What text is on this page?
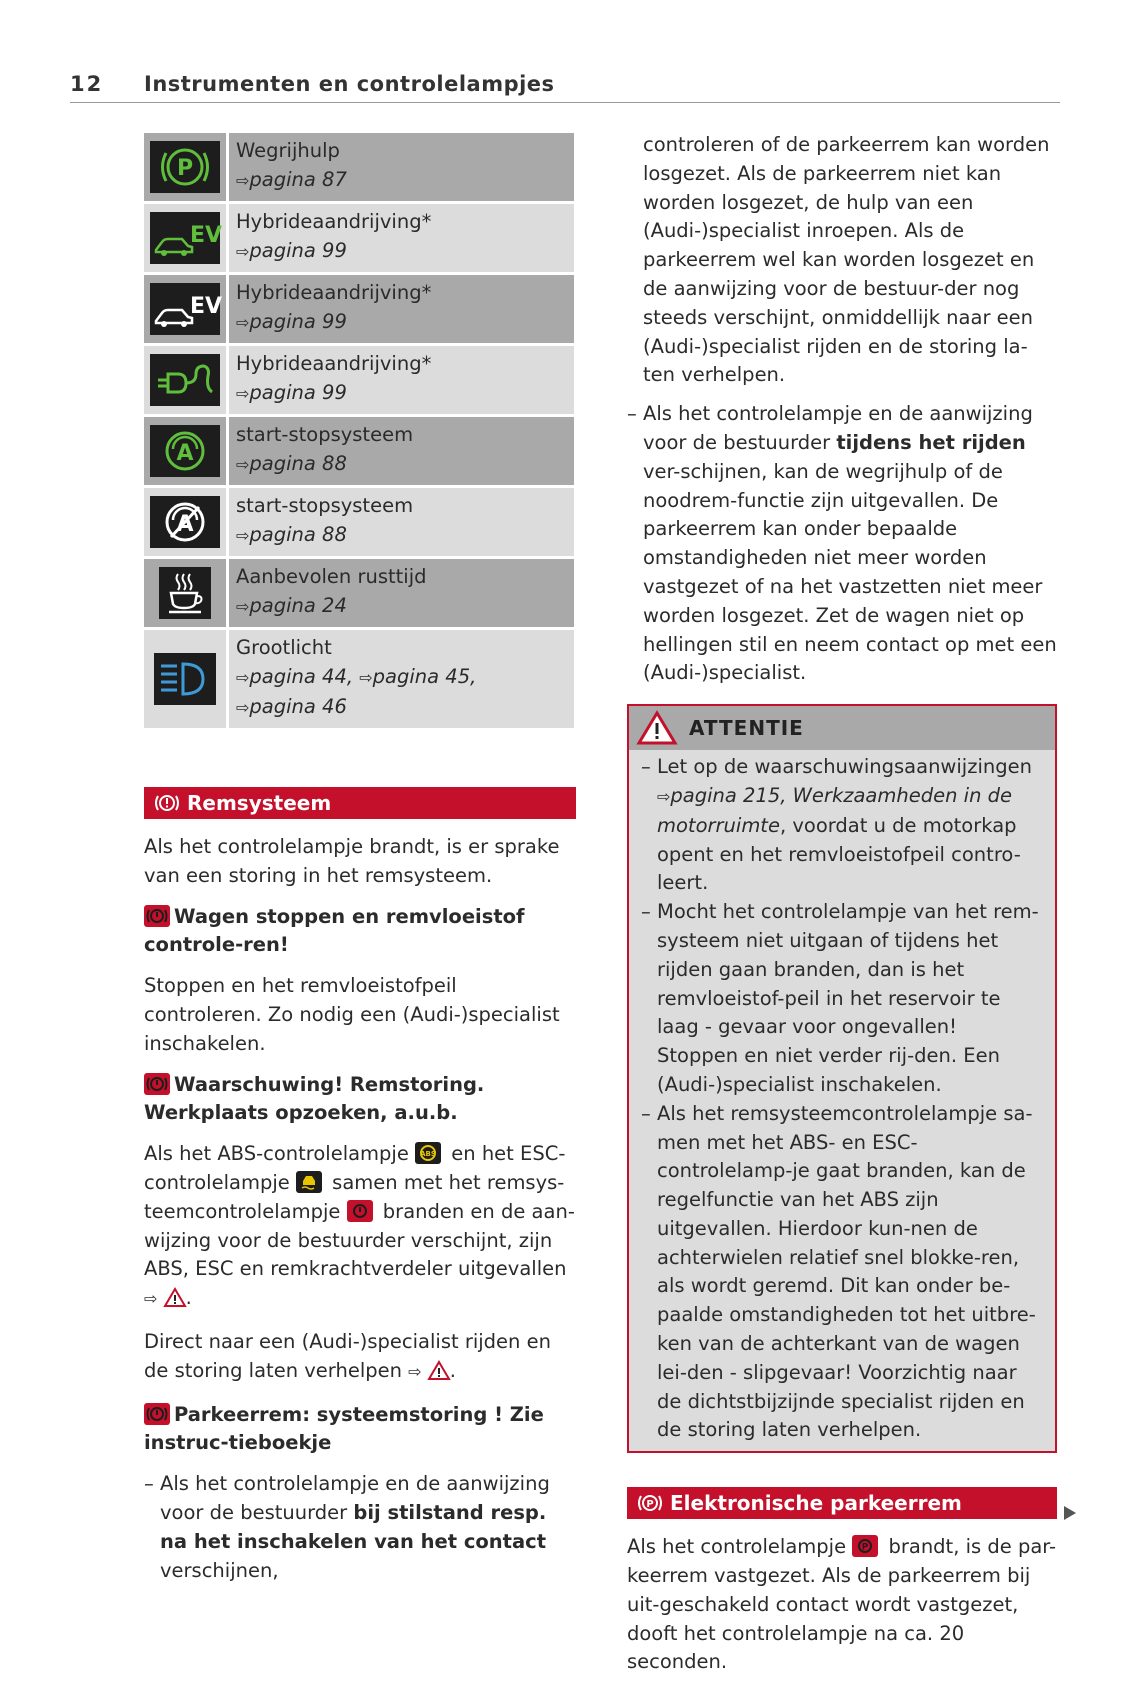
12 Instrumenten en controlelampjes
P
Wegrijhulp
⇨pagina 87
EV
Hybrideaandrijving*
⇨pagina 99
EV
Hybrideaandrijving*
⇨pagina 99
Hybrideaandrijving*
⇨pagina 99
A
start-stopsysteem
⇨pagina 88
A
start-stopsysteem
⇨pagina 88
Aanbevolen rusttijd
⇨pagina 24
Grootlicht
⇨pagina 44, ⇨pagina 45,
⇨pagina 46
Remsysteem

Als het controlelampje brandt, is er sprake van een storing in het remsysteem.

Wagen stoppen en remvloeistof controle-ren!

Stoppen en het remvloeistofpeil controleren. Zo nodig een (Audi-)specialist inschakelen.

Waarschuwing! Remstoring. Werkplaats opzoeken, a.u.b.

Als het ABS-controlelampje ABS en het ESC-controlelampje samen met het remsys-teemcontrolelampje branden en de aan-wijzing voor de bestuurder verschijnt, zijn ABS, ESC en remkrachtverdeler uitgevallen
⇨ .

Direct naar een (Audi-)specialist rijden en de storing laten verhelpen ⇨ .

Parkeerrem: systeemstoring ! Zie instruc-tieboekje

– Als het controlelampje en de aanwijzing voor de bestuurder bij stilstand resp. na het inschakelen van het contact verschijnen,

controleren of de parkeerrem kan worden losgezet. Als de parkeerrem niet kan worden losgezet, de hulp van een (Audi-)specialist inroepen. Als de parkeerrem wel kan worden losgezet en de aanwijzing voor de bestuur-der nog steeds verschijnt, onmiddellijk naar een (Audi-)specialist rijden en de storing la-ten verhelpen.

– Als het controlelampje en de aanwijzing voor de bestuurder tijdens het rijden ver-schijnen, kan de wegrijhulp of de noodrem-functie zijn uitgevallen. De parkeerrem kan onder bepaalde omstandigheden niet meer worden vastgezet of na het vastzetten niet meer worden losgezet. Zet de wagen niet op hellingen stil en neem contact op met een (Audi-)specialist.
ATTENTIE
– Let op de waarschuwingsaanwijzingen
⇨pagina 215, Werkzaamheden in de motorruimte, voordat u de motorkap opent en het remvloeistofpeil contro-leert.
– Mocht het controlelampje van het rem-systeem niet uitgaan of tijdens het rijden gaan branden, dan is het remvloeistof-peil in het reservoir te laag - gevaar voor ongevallen! Stoppen en niet verder rij-den. Een (Audi-)specialist inschakelen.
– Als het remsysteemcontrolelampje sa-men met het ABS- en ESC-controlelamp-je gaat branden, kan de regelfunctie van het ABS zijn uitgevallen. Hierdoor kun-nen de achterwielen relatief snel blokke-ren, als wordt geremd. Dit kan onder be-paalde omstandigheden tot het uitbre-ken van de achterkant van de wagen lei-den - slipgevaar! Voorzichtig naar de dichtstbijzijnde specialist rijden en de storing laten verhelpen.
P Elektronische parkeerrem

Als het controlelampje P brandt, is de par-keerrem vastgezet. Als de parkeerrem bij uit-geschakeld contact wordt vastgezet, dooft het controlelampje na ca. 20 seconden.
